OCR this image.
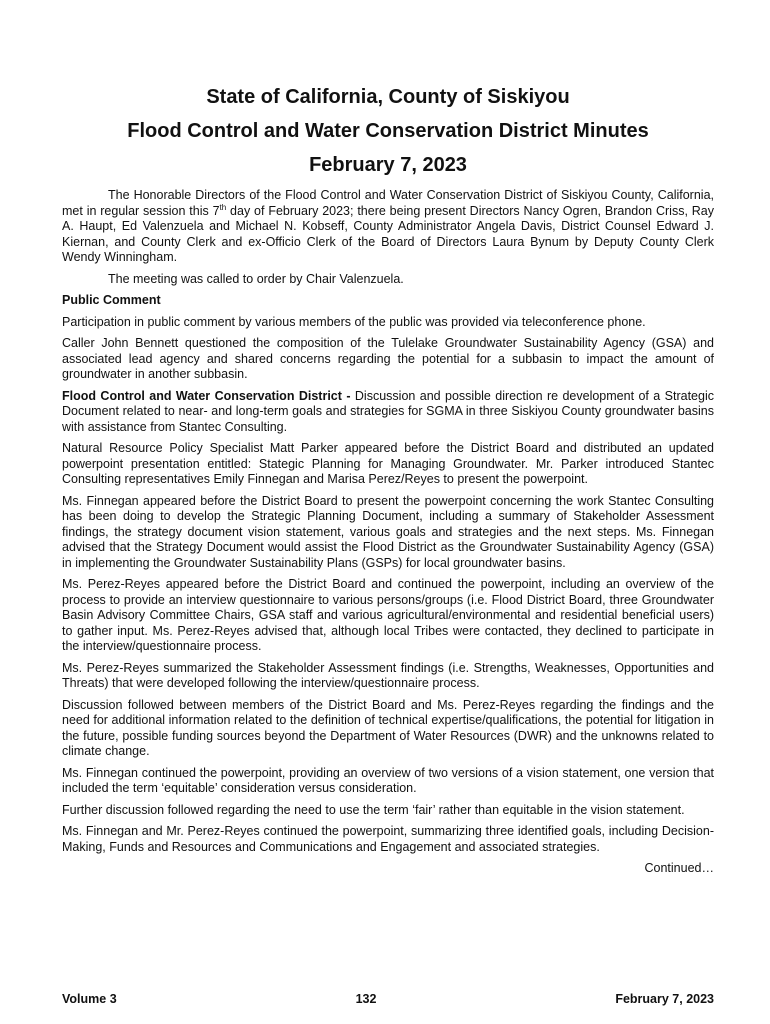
State of California, County of Siskiyou
Flood Control and Water Conservation District Minutes
February 7, 2023

The Honorable Directors of the Flood Control and Water Conservation District of Siskiyou County, California, met in regular session this 7th day of February 2023; there being present Directors Nancy Ogren, Brandon Criss, Ray A. Haupt, Ed Valenzuela and Michael N. Kobseff, County Administrator Angela Davis, District Counsel Edward J. Kiernan, and County Clerk and ex-Officio Clerk of the Board of Directors Laura Bynum by Deputy County Clerk Wendy Winningham.

The meeting was called to order by Chair Valenzuela.

Public Comment

Participation in public comment by various members of the public was provided via teleconference phone.

Caller John Bennett questioned the composition of the Tulelake Groundwater Sustainability Agency (GSA) and associated lead agency and shared concerns regarding the potential for a subbasin to impact the amount of groundwater in another subbasin.

Flood Control and Water Conservation District - Discussion and possible direction re development of a Strategic Document related to near- and long-term goals and strategies for SGMA in three Siskiyou County groundwater basins with assistance from Stantec Consulting.

Natural Resource Policy Specialist Matt Parker appeared before the District Board and distributed an updated powerpoint presentation entitled: Stategic Planning for Managing Groundwater. Mr. Parker introduced Stantec Consulting representatives Emily Finnegan and Marisa Perez/Reyes to present the powerpoint.

Ms. Finnegan appeared before the District Board to present the powerpoint concerning the work Stantec Consulting has been doing to develop the Strategic Planning Document, including a summary of Stakeholder Assessment findings, the strategy document vision statement, various goals and strategies and the next steps. Ms. Finnegan advised that the Strategy Document would assist the Flood District as the Groundwater Sustainability Agency (GSA) in implementing the Groundwater Sustainability Plans (GSPs) for local groundwater basins.

Ms. Perez-Reyes appeared before the District Board and continued the powerpoint, including an overview of the process to provide an interview questionnaire to various persons/groups (i.e. Flood District Board, three Groundwater Basin Advisory Committee Chairs, GSA staff and various agricultural/environmental and residential beneficial users) to gather input. Ms. Perez-Reyes advised that, although local Tribes were contacted, they declined to participate in the interview/questionnaire process.

Ms. Perez-Reyes summarized the Stakeholder Assessment findings (i.e. Strengths, Weaknesses, Opportunities and Threats) that were developed following the interview/questionnaire process.

Discussion followed between members of the District Board and Ms. Perez-Reyes regarding the findings and the need for additional information related to the definition of technical expertise/qualifications, the potential for litigation in the future, possible funding sources beyond the Department of Water Resources (DWR) and the unknowns related to climate change.

Ms. Finnegan continued the powerpoint, providing an overview of two versions of a vision statement, one version that included the term ‘equitable’ consideration versus consideration.

Further discussion followed regarding the need to use the term ‘fair’ rather than equitable in the vision statement.

Ms. Finnegan and Mr. Perez-Reyes continued the powerpoint, summarizing three identified goals, including Decision-Making, Funds and Resources and Communications and Engagement and associated strategies.

Continued…

Volume 3	132	February 7, 2023
